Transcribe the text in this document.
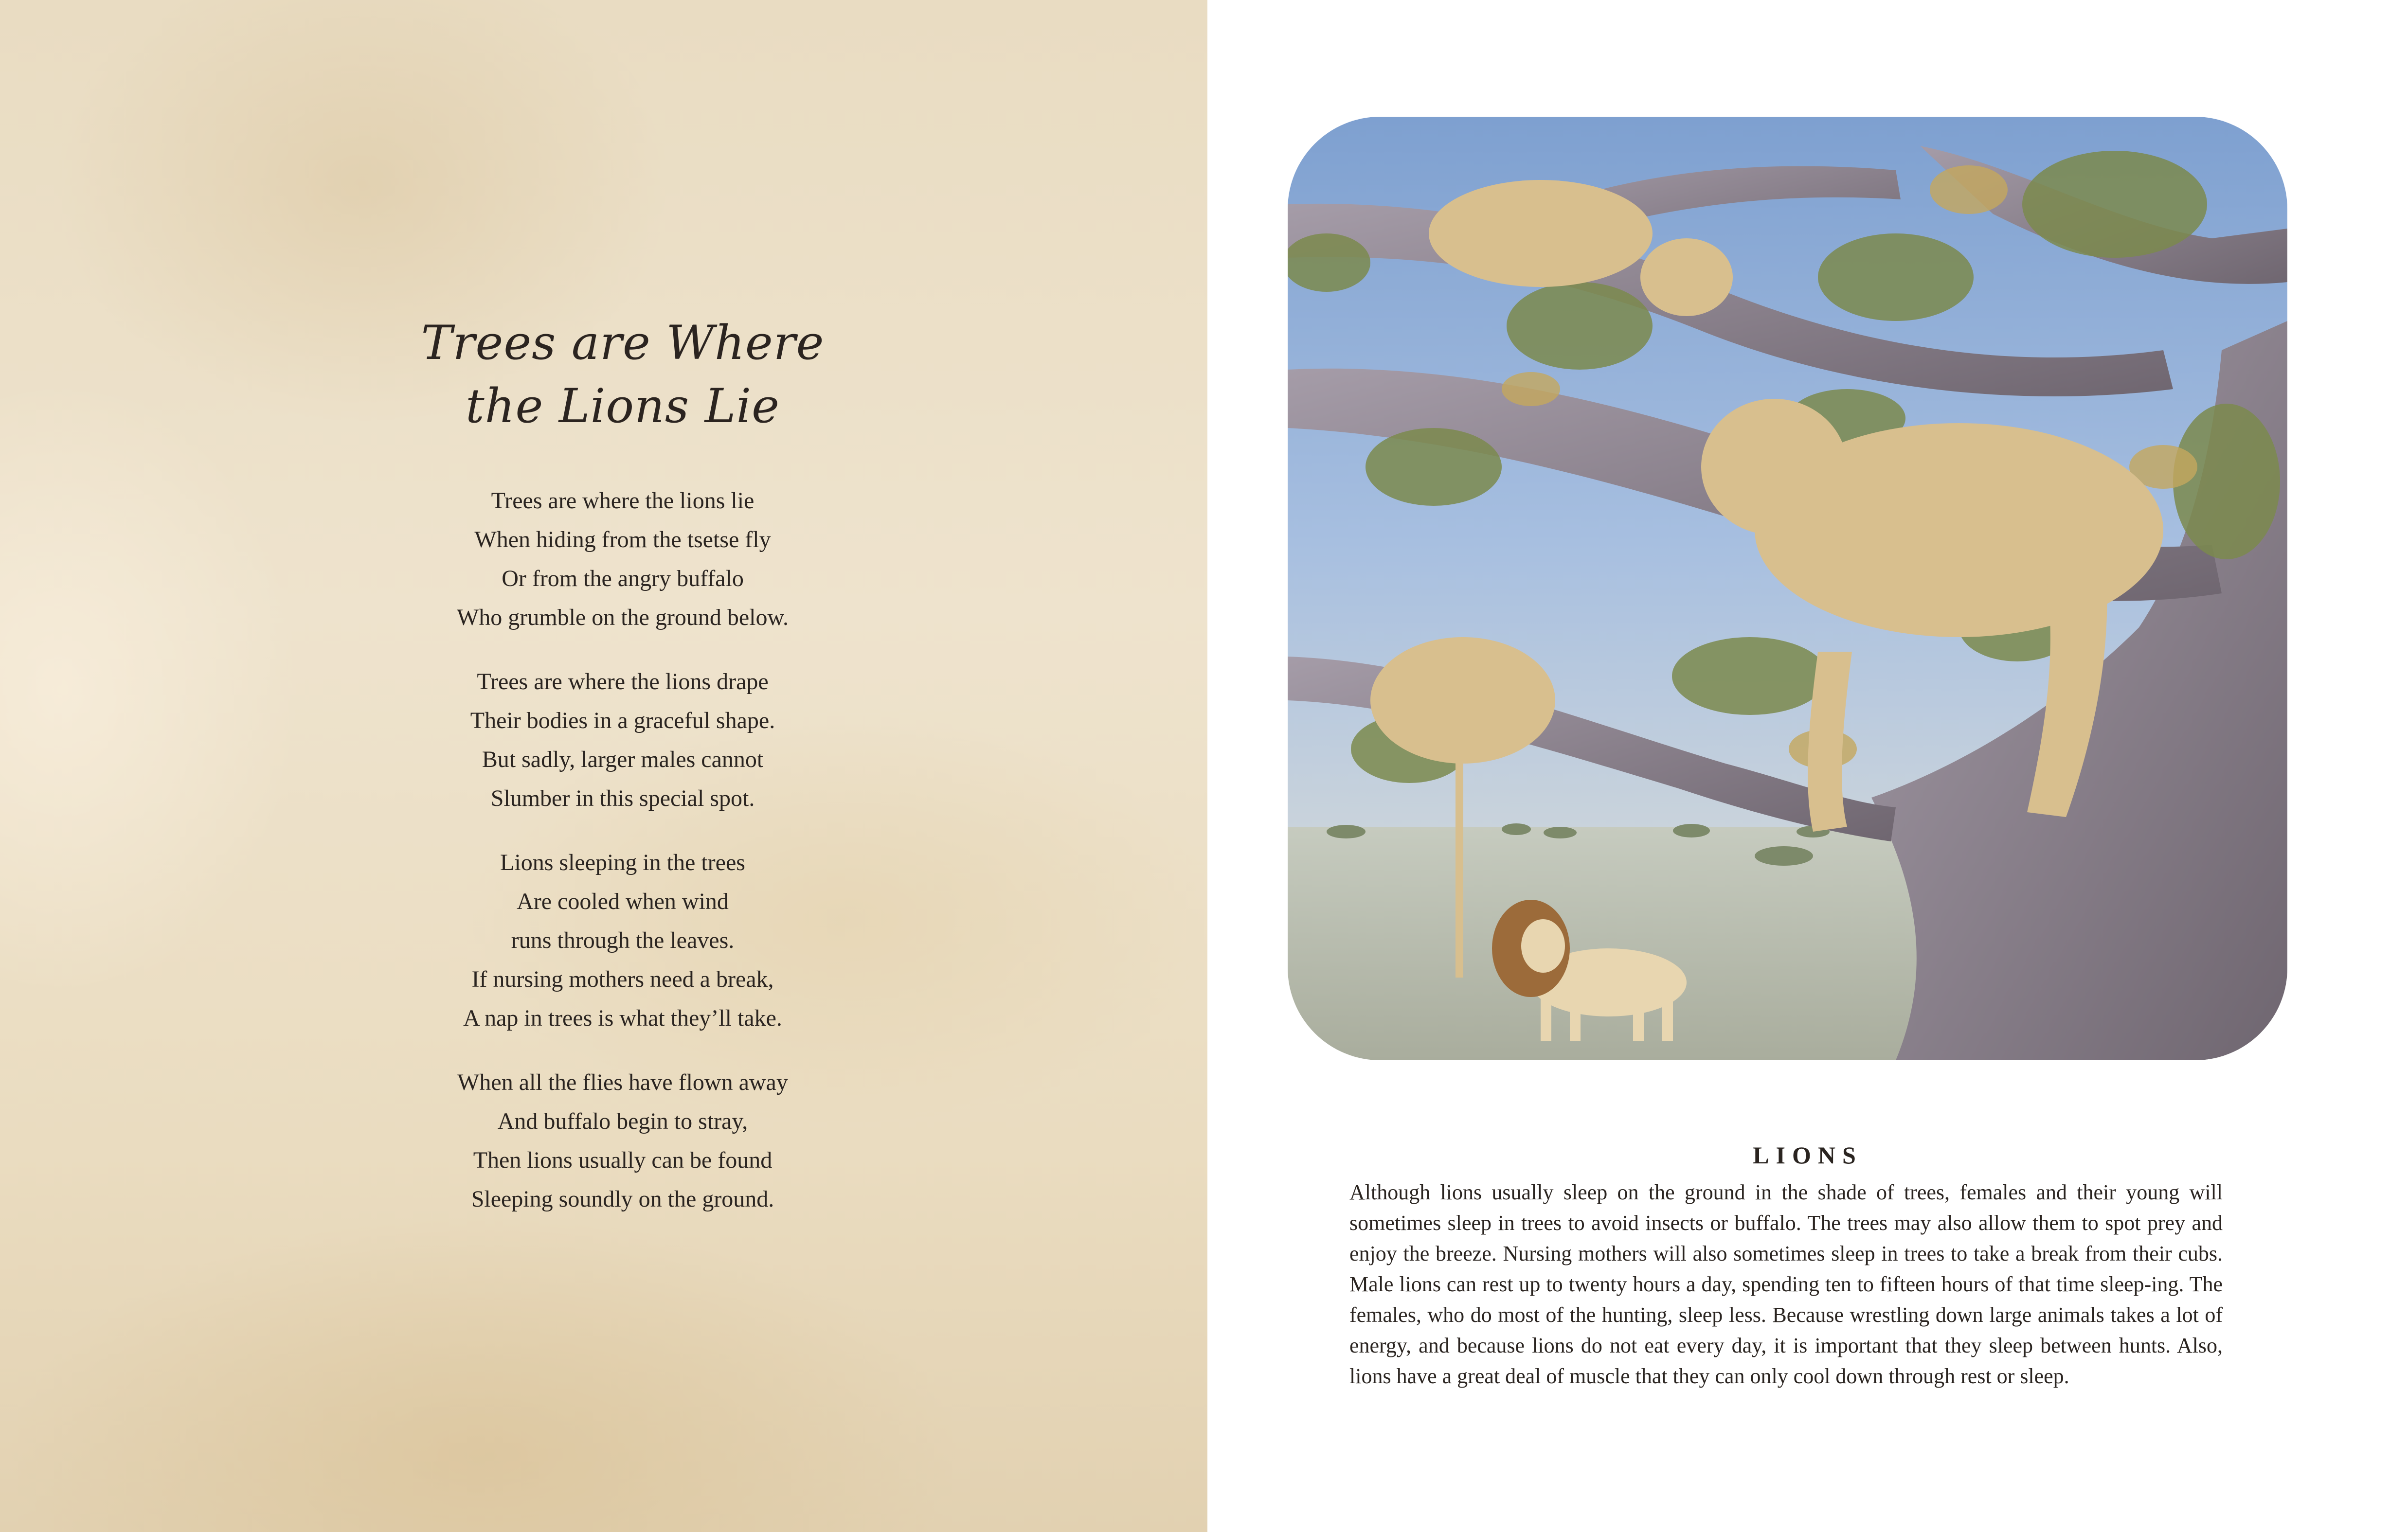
Trees are Where
the Lions Lie
Trees are where the lions lie
When hiding from the tsetse fly
Or from the angry buffalo
Who grumble on the ground below.
Trees are where the lions drape
Their bodies in a graceful shape.
But sadly, larger males cannot
Slumber in this special spot.
Lions sleeping in the trees
Are cooled when wind
runs through the leaves.
If nursing mothers need a break,
A nap in trees is what they’ll take.
When all the flies have flown away
And buffalo begin to stray,
Then lions usually can be found
Sleeping soundly on the ground.
LIONS

Although lions usually sleep on the ground in the shade of trees, females and their young will sometimes sleep in trees to avoid insects or buffalo. The trees may also allow them to spot prey and enjoy the breeze. Nursing mothers will also sometimes sleep in trees to take a break from their cubs. Male lions can rest up to twenty hours a day, spending ten to fifteen hours of that time sleep-ing. The females, who do most of the hunting, sleep less. Because wrestling down large animals takes a lot of energy, and because lions do not eat every day, it is important that they sleep between hunts. Also, lions have a great deal of muscle that they can only cool down through rest or sleep.
